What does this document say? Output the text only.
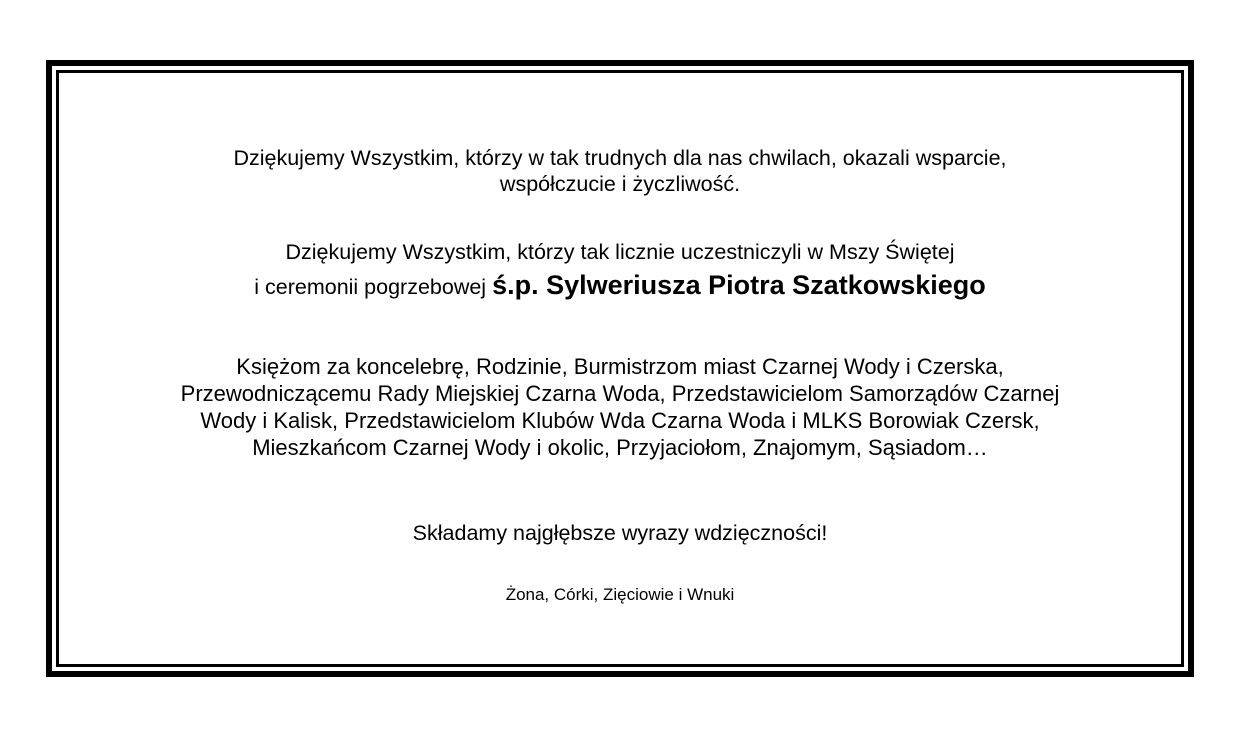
Dziękujemy Wszystkim, którzy w tak trudnych dla nas chwilach, okazali wsparcie,
współczucie i życzliwość.
Dziękujemy Wszystkim, którzy tak licznie uczestniczyli w Mszy Świętej
i ceremonii pogrzebowej ś.p. Sylweriusza Piotra Szatkowskiego
Księżom za koncelebrę, Rodzinie, Burmistrzom miast Czarnej Wody i Czerska,
Przewodniczącemu Rady Miejskiej Czarna Woda, Przedstawicielom Samorządów Czarnej
Wody i Kalisk, Przedstawicielom Klubów Wda Czarna Woda i MLKS Borowiak Czersk,
Mieszkańcom Czarnej Wody i okolic, Przyjaciołom, Znajomym, Sąsiadom…
Składamy najgłębsze wyrazy wdzięczności!
Żona, Córki, Zięciowie i Wnuki
